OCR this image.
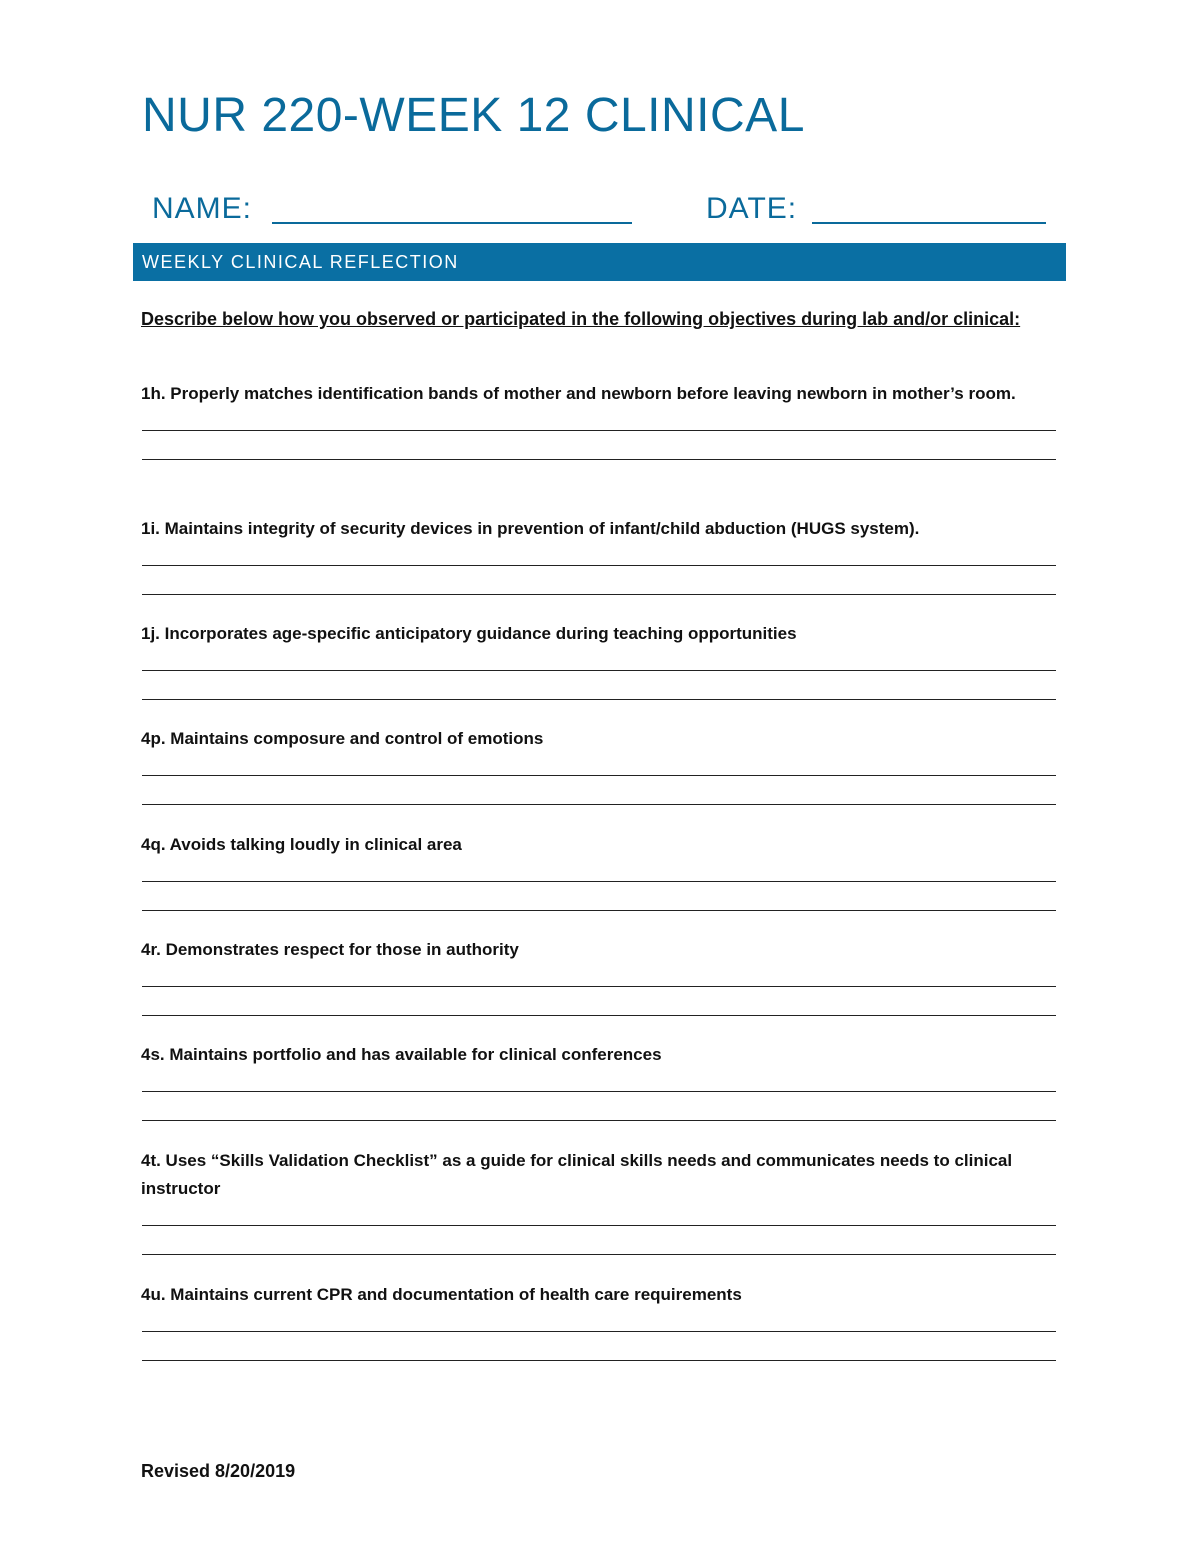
NUR 220-WEEK 12 CLINICAL
NAME:	DATE:
WEEKLY CLINICAL REFLECTION

Describe below how you observed or participated in the following objectives during lab and/or clinical:

1h. Properly matches identification bands of mother and newborn before leaving newborn in mother’s room.

1i. Maintains integrity of security devices in prevention of infant/child abduction (HUGS system).

1j. Incorporates age-specific anticipatory guidance during teaching opportunities

4p. Maintains composure and control of emotions

4q. Avoids talking loudly in clinical area

4r. Demonstrates respect for those in authority

4s. Maintains portfolio and has available for clinical conferences

4t. Uses “Skills Validation Checklist” as a guide for clinical skills needs and communicates needs to clinical instructor

4u. Maintains current CPR and documentation of health care requirements

Revised 8/20/2019
